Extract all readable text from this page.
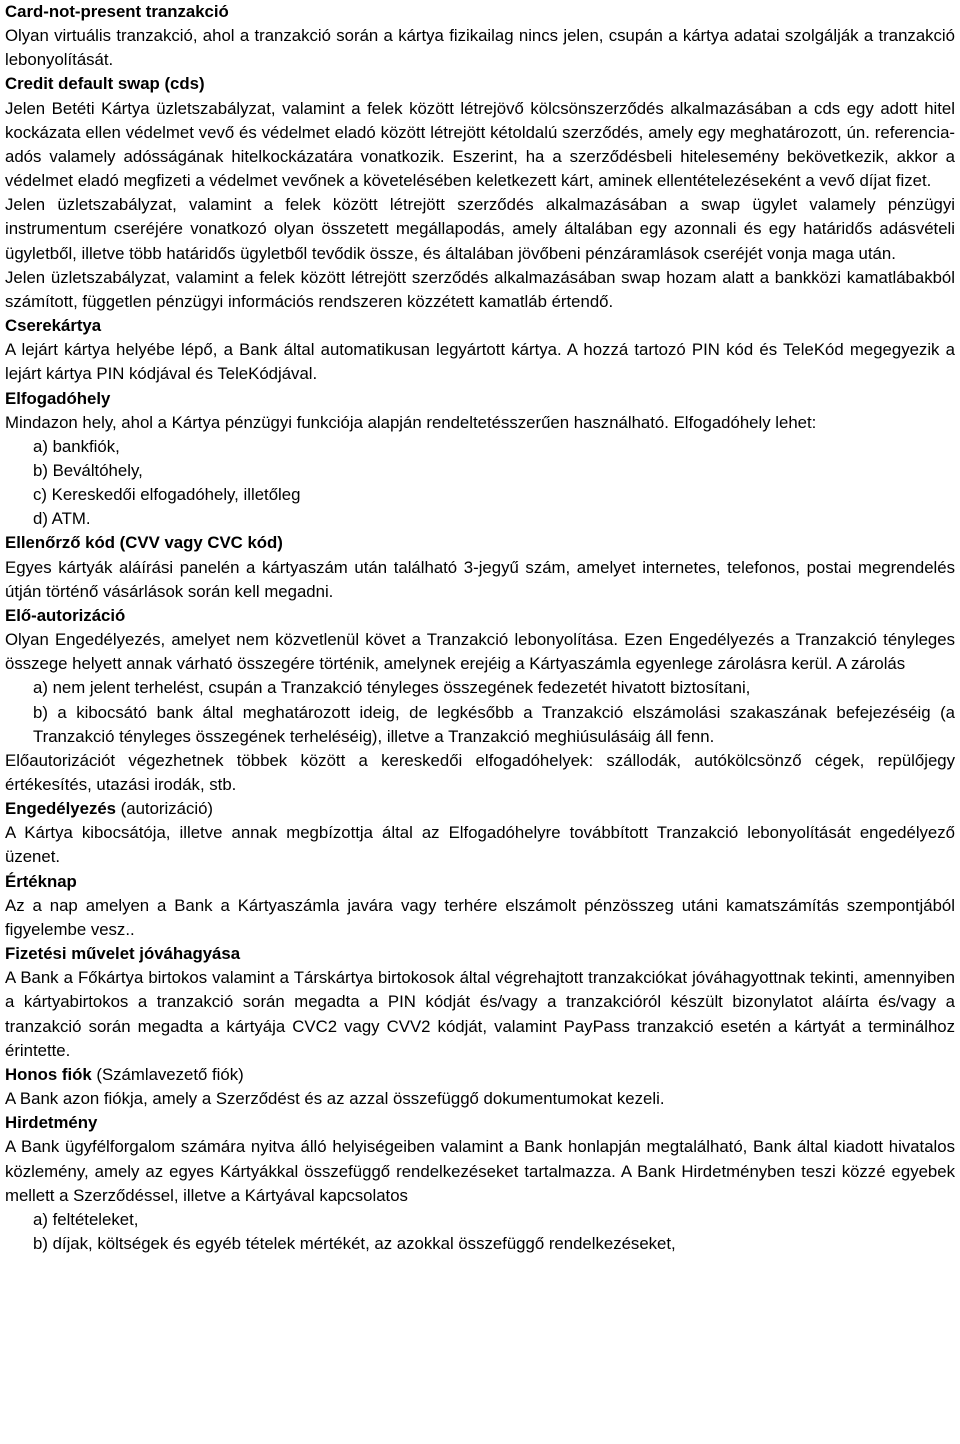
Card-not-present tranzakció

Olyan virtuális tranzakció, ahol a tranzakció során a kártya fizikailag nincs jelen, csupán a kártya adatai szolgálják a tranzakció lebonyolítását.

Credit default swap (cds)

Jelen Betéti Kártya üzletszabályzat, valamint a felek között létrejövő kölcsönszerződés alkalmazásában a cds egy adott hitel kockázata ellen védelmet vevő és védelmet eladó között létrejött kétoldalú szerződés, amely egy meghatározott, ún. referencia-adós valamely adósságának hitelkockázatára vonatkozik. Eszerint, ha a szerződésbeli hitelesemény bekövetkezik, akkor a védelmet eladó megfizeti a védelmet vevőnek a követelésében keletkezett kárt, aminek ellentételezéseként a vevő díjat fizet.

Jelen üzletszabályzat, valamint a felek között létrejött szerződés alkalmazásában a swap ügylet valamely pénzügyi instrumentum cseréjére vonatkozó olyan összetett megállapodás, amely általában egy azonnali és egy határidős adásvételi ügyletből, illetve több határidős ügyletből tevődik össze, és általában jövőbeni pénzáramlások cseréjét vonja maga után.

Jelen üzletszabályzat, valamint a felek között létrejött szerződés alkalmazásában swap hozam alatt a bankközi kamatlábakból számított, független pénzügyi információs rendszeren közzétett kamatláb értendő.

Cserekártya

A lejárt kártya helyébe lépő, a Bank által automatikusan legyártott kártya. A hozzá tartozó PIN kód és TeleKód megegyezik a lejárt kártya PIN kódjával és TeleKódjával.

Elfogadóhely

Mindazon hely, ahol a Kártya pénzügyi funkciója alapján rendeltetésszerűen használható. Elfogadóhely lehet:

a) bankfiók,
b) Beváltóhely,
c) Kereskedői elfogadóhely, illetőleg
d) ATM.
Ellenőrző kód (CVV vagy CVC kód)

Egyes kártyák aláírási panelén a kártyaszám után található 3-jegyű szám, amelyet internetes, telefonos, postai megrendelés útján történő vásárlások során kell megadni.

Elő-autorizáció

Olyan Engedélyezés, amelyet nem közvetlenül követ a Tranzakció lebonyolítása. Ezen Engedélyezés a Tranzakció tényleges összege helyett annak várható összegére történik, amelynek erejéig a Kártyaszámla egyenlege zárolásra kerül. A zárolás

a) nem jelent terhelést, csupán a Tranzakció tényleges összegének fedezetét hivatott biztosítani,
b) a kibocsátó bank által meghatározott ideig, de legkésőbb a Tranzakció elszámolási szakaszának befejezéséig (a Tranzakció tényleges összegének terheléséig), illetve a Tranzakció meghiúsulásáig áll fenn.

Előautorizációt végezhetnek többek között a kereskedői elfogadóhelyek: szállodák, autókölcsönző cégek, repülőjegy értékesítés, utazási irodák, stb.

Engedélyezés (autorizáció)

A Kártya kibocsátója, illetve annak megbízottja által az Elfogadóhelyre továbbított Tranzakció lebonyolítását engedélyező üzenet.

Értéknap

Az a nap amelyen a Bank a Kártyaszámla javára vagy terhére elszámolt pénzösszeg utáni kamatszámítás szempontjából figyelembe vesz..

Fizetési művelet jóváhagyása

A Bank a Főkártya birtokos valamint a Társkártya birtokosok által végrehajtott tranzakciókat jóváhagyottnak tekinti, amennyiben a kártyabirtokos a tranzakció során megadta a PIN kódját és/vagy a tranzakcióról készült bizonylatot aláírta és/vagy a tranzakció során megadta a kártyája CVC2 vagy CVV2 kódját, valamint PayPass tranzakció esetén a kártyát a terminálhoz érintette.

Honos fiók (Számlavezető fiók)

A Bank azon fiókja, amely a Szerződést és az azzal összefüggő dokumentumokat kezeli.

Hirdetmény

A Bank ügyfélforgalom számára nyitva álló helyiségeiben valamint a Bank honlapján megtalálható, Bank által kiadott hivatalos közlemény, amely az egyes Kártyákkal összefüggő rendelkezéseket tartalmazza. A Bank Hirdetményben teszi közzé egyebek mellett a Szerződéssel, illetve a Kártyával kapcsolatos

a) feltételeket,
b) díjak, költségek és egyéb tételek mértékét, az azokkal összefüggő rendelkezéseket,
